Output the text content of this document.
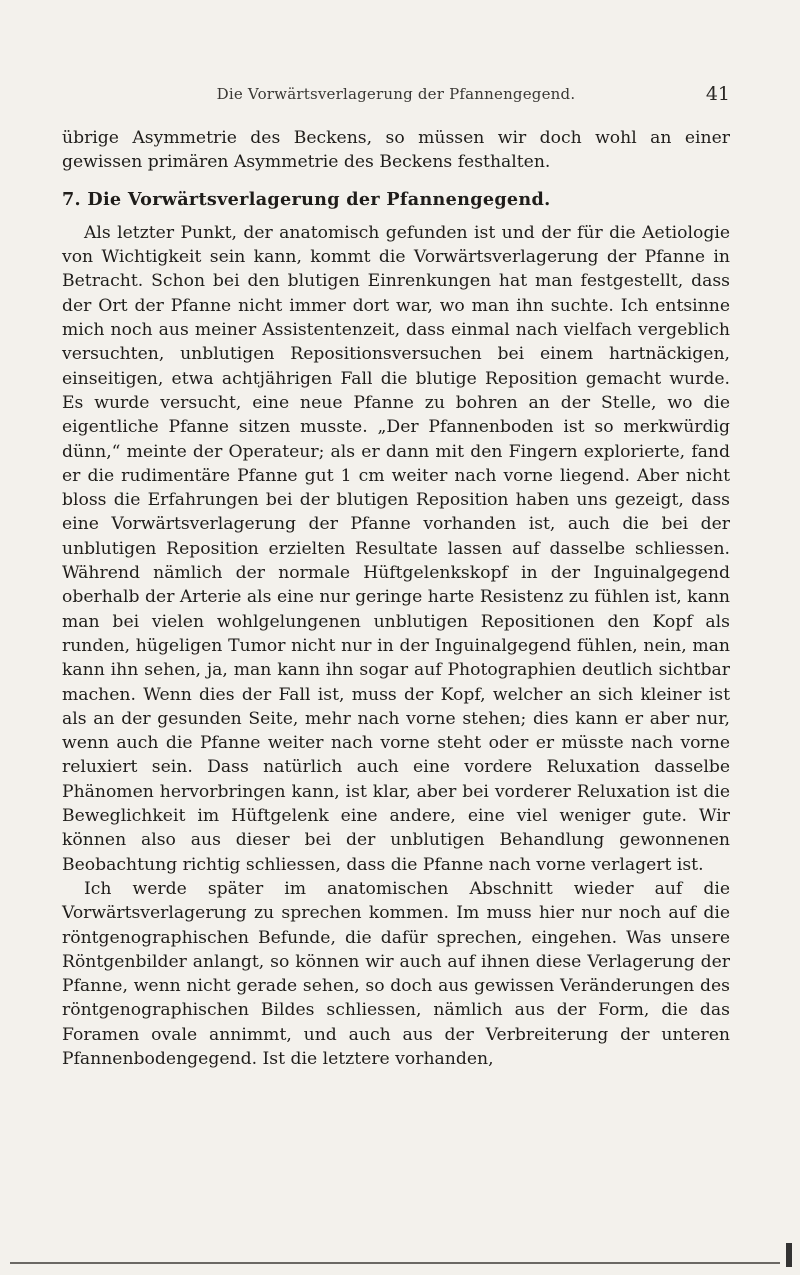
Die Vorwärtsverlagerung der Pfannengegend.	41

übrige Asymmetrie des Beckens, so müssen wir doch wohl an einer gewissen primären Asymmetrie des Beckens festhalten.

7. Die Vorwärtsverlagerung der Pfannengegend.

Als letzter Punkt, der anatomisch gefunden ist und der für die Aetiologie von Wichtigkeit sein kann, kommt die Vorwärtsverlagerung der Pfanne in Betracht. Schon bei den blutigen Einrenkungen hat man festgestellt, dass der Ort der Pfanne nicht immer dort war, wo man ihn suchte. Ich entsinne mich noch aus meiner Assistentenzeit, dass einmal nach vielfach vergeblich versuchten, unblutigen Repositionsversuchen bei einem hartnäckigen, einseitigen, etwa achtjährigen Fall die blutige Reposition gemacht wurde. Es wurde versucht, eine neue Pfanne zu bohren an der Stelle, wo die eigentliche Pfanne sitzen musste. „Der Pfannenboden ist so merkwürdig dünn,“ meinte der Operateur; als er dann mit den Fingern explorierte, fand er die rudimentäre Pfanne gut 1 cm weiter nach vorne liegend. Aber nicht bloss die Erfahrungen bei der blutigen Reposition haben uns gezeigt, dass eine Vorwärtsverlagerung der Pfanne vorhanden ist, auch die bei der unblutigen Reposition erzielten Resultate lassen auf dasselbe schliessen. Während nämlich der normale Hüftgelenkskopf in der Inguinalgegend oberhalb der Arterie als eine nur geringe harte Resistenz zu fühlen ist, kann man bei vielen wohlgelungenen unblutigen Repositionen den Kopf als runden, hügeligen Tumor nicht nur in der Inguinalgegend fühlen, nein, man kann ihn sehen, ja, man kann ihn sogar auf Photographien deutlich sichtbar machen. Wenn dies der Fall ist, muss der Kopf, welcher an sich kleiner ist als an der gesunden Seite, mehr nach vorne stehen; dies kann er aber nur, wenn auch die Pfanne weiter nach vorne steht oder er müsste nach vorne reluxiert sein. Dass natürlich auch eine vordere Reluxation dasselbe Phänomen hervorbringen kann, ist klar, aber bei vorderer Reluxation ist die Beweglichkeit im Hüftgelenk eine andere, eine viel weniger gute. Wir können also aus dieser bei der unblutigen Behandlung gewonnenen Beobachtung richtig schliessen, dass die Pfanne nach vorne verlagert ist.

Ich werde später im anatomischen Abschnitt wieder auf die Vorwärtsverlagerung zu sprechen kommen. Im muss hier nur noch auf die röntgenographischen Befunde, die dafür sprechen, eingehen. Was unsere Röntgenbilder anlangt, so können wir auch auf ihnen diese Verlagerung der Pfanne, wenn nicht gerade sehen, so doch aus gewissen Veränderungen des röntgenographischen Bildes schliessen, nämlich aus der Form, die das Foramen ovale annimmt, und auch aus der Verbreiterung der unteren Pfannenbodengegend. Ist die letztere vorhanden,
